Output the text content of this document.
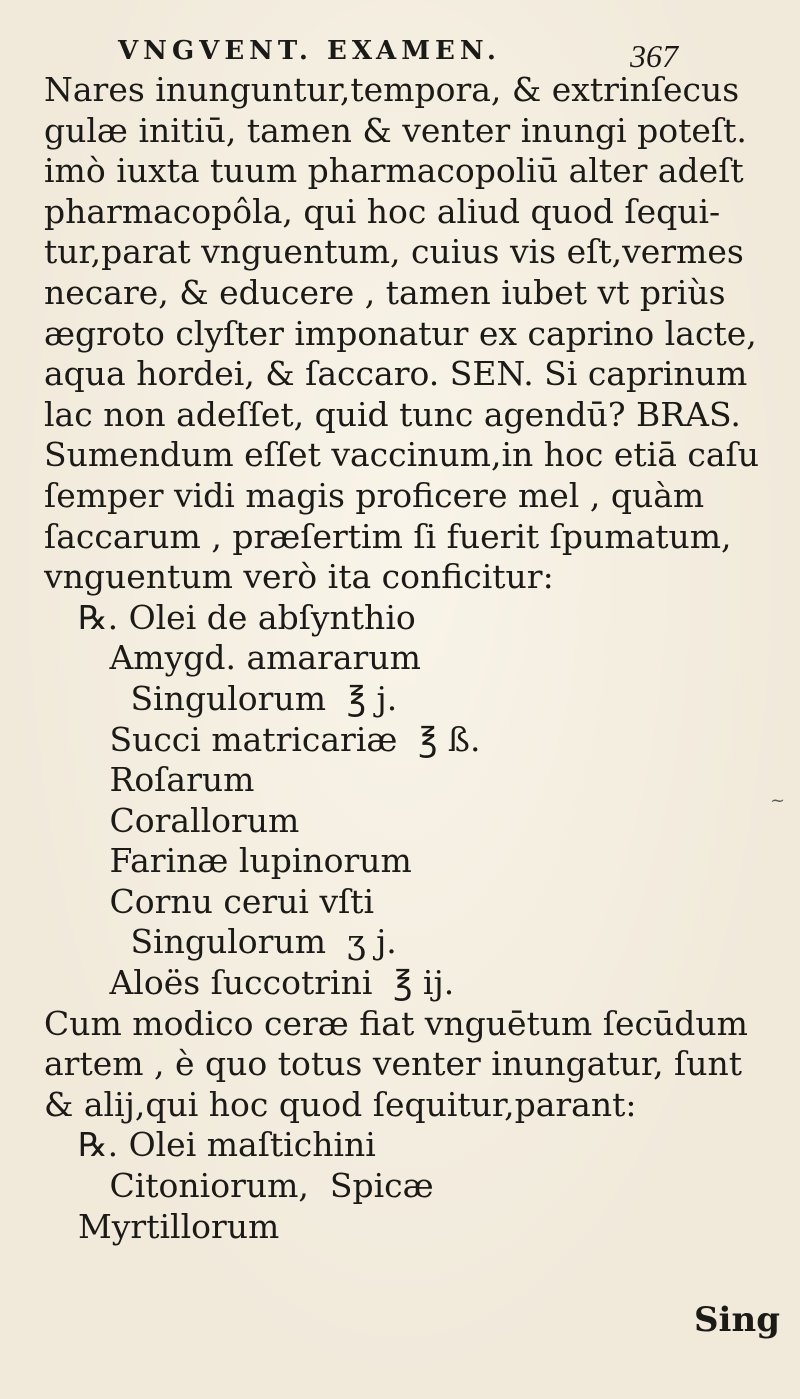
VNGVENT. EXAMEN.	367
Nares inunguntur,tempora, & extrinſecus
gulæ initiū, tamen & venter inungi poteſt.
imò iuxta tuum pharmacopoliū alter adeſt
pharmacopôla, qui hoc aliud quod ſequi-
tur,parat vnguentum, cuius vis eſt,vermes
necare, & educere , tamen iubet vt priùs
ægroto clyſter imponatur ex caprino lacte,
aqua hordei, & ſaccaro. SEN. Si caprinum
lac non adeſſet, quid tunc agendū? BRAS.
Sumendum eſſet vaccinum,in hoc etiā caſu
ſemper vidi magis proficere mel , quàm
ſaccarum , præſertim ſi fuerit ſpumatum,
vnguentum verò ita conficitur:
℞. Olei de abſynthio
Amygd. amararum
Singulorum  ℥ j.
Succi matricariæ  ℥ ß.
Roſarum
Corallorum
Farinæ lupinorum
Cornu cerui vſti
Singulorum  ʒ j.
Aloës ſuccotrini  ℥ ij.
Cum modico ceræ fiat vnguētum ſecūdum
artem , è quo totus venter inungatur, ſunt
& alij,qui hoc quod ſequitur,parant:
℞. Olei maſtichini
Citoniorum,  Spicæ
Myrtillorum
~
Sing
